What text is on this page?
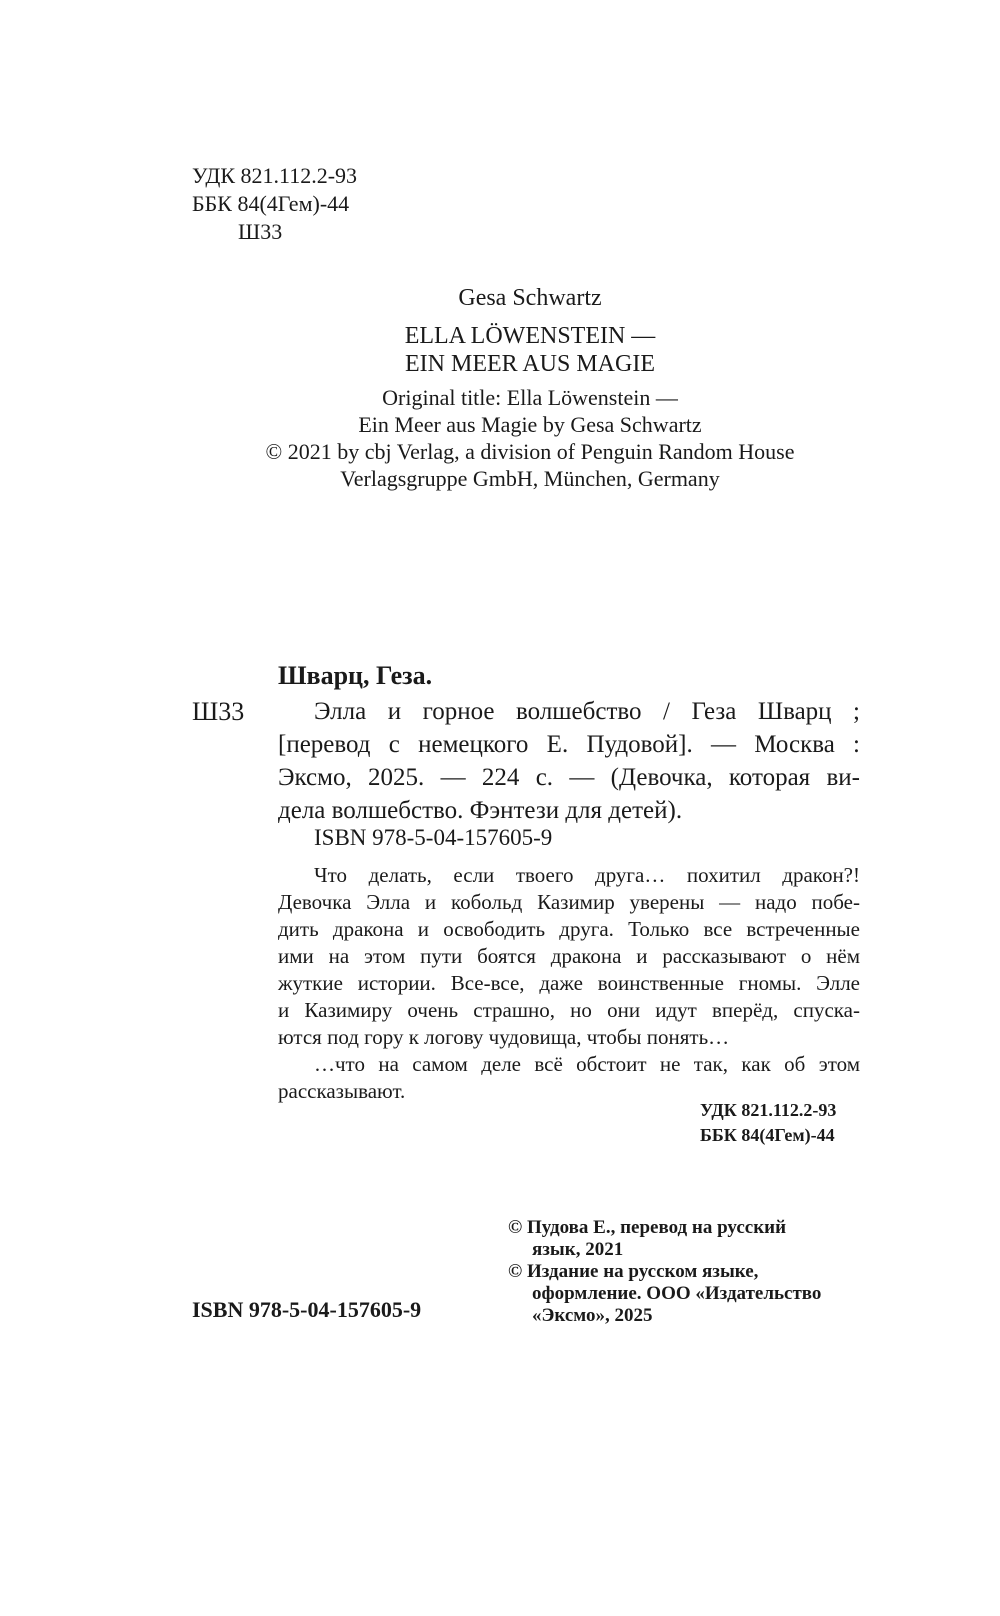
УДК 821.112.2-93
ББК 84(4Гем)-44
Ш33
Gesa Schwartz
ELLA LÖWENSTEIN —
EIN MEER AUS MAGIE
Original title: Ella Löwenstein —
Ein Meer aus Magie by Gesa Schwartz
© 2021 by cbj Verlag, a division of Penguin Random House
Verlagsgruppe GmbH, München, Germany
Шварц, Геза.
Ш33	Элла и горное волшебство / Геза Шварц ;
[перевод с немецкого Е. Пудовой]. — Москва :
Эксмо, 2025. — 224 с. — (Девочка, которая ви-
дела волшебство. Фэнтези для детей).
ISBN 978-5-04-157605-9
Что делать, если твоего друга… похитил дракон?!
Девочка Элла и кобольд Казимир уверены — надо побе-
дить дракона и освободить друга. Только все встреченные
ими на этом пути боятся дракона и рассказывают о нём
жуткие истории. Все-все, даже воинственные гномы. Элле
и Казимиру очень страшно, но они идут вперёд, спуска-
ются под гору к логову чудовища, чтобы понять…
…что на самом деле всё обстоит не так, как об этом
рассказывают.
УДК 821.112.2-93
ББК 84(4Гем)-44
ISBN 978-5-04-157605-9
© Пудова Е., перевод на русский
язык, 2021
© Издание на русском языке,
оформление. ООО «Издательство
«Эксмо», 2025
